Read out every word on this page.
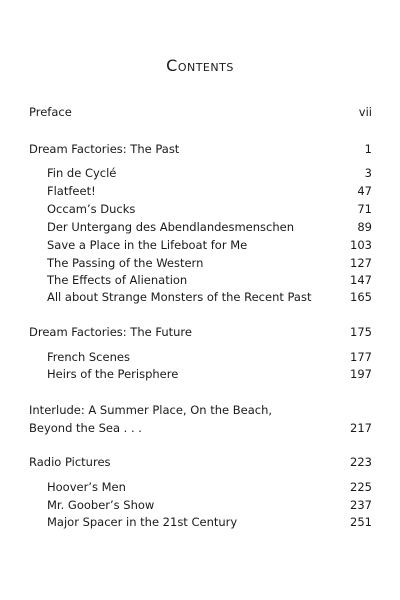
Contents
Preface	vii
Dream Factories: The Past	1
Fin de Cyclé	3
Flatfeet!	47
Occam’s Ducks	71
Der Untergang des Abendlandesmenschen	89
Save a Place in the Lifeboat for Me	103
The Passing of the Western	127
The Effects of Alienation	147
All about Strange Monsters of the Recent Past	165
Dream Factories: The Future	175
French Scenes	177
Heirs of the Perisphere	197
Interlude: A Summer Place, On the Beach,
Beyond the Sea . . .	217
Radio Pictures	223
Hoover’s Men	225
Mr. Goober’s Show	237
Major Spacer in the 21st Century	251
